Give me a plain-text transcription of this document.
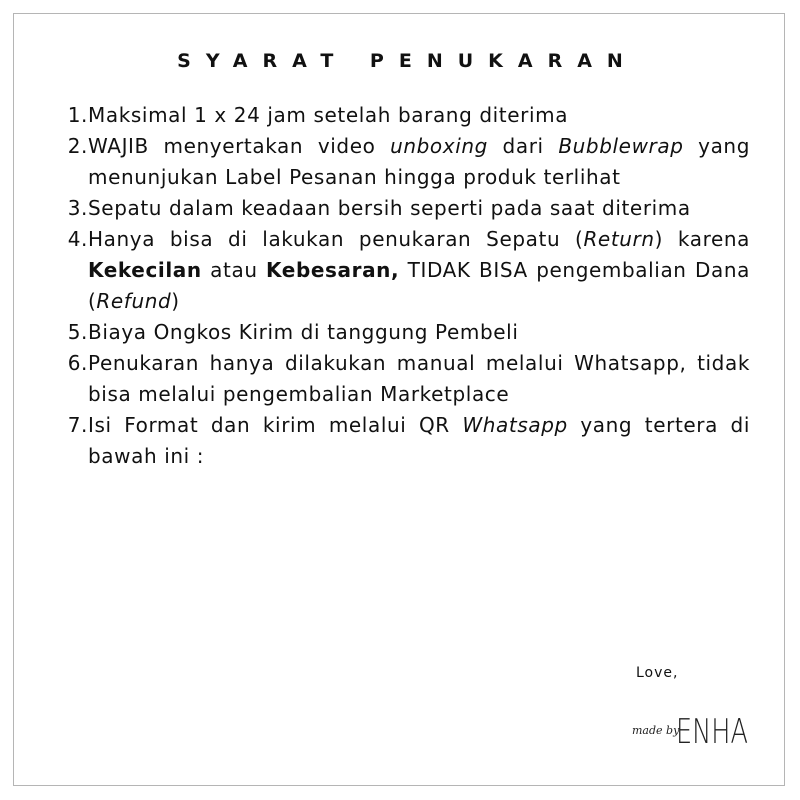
SYARAT PENUKARAN
1. Maksimal 1 x 24 jam setelah barang diterima
2. WAJIB menyertakan video unboxing dari Bubblewrap yang menunjukan Label Pesanan hingga produk terlihat
3. Sepatu dalam keadaan bersih seperti pada saat diterima
4. Hanya bisa di lakukan penukaran Sepatu (Return) karena Kekecilan atau Kebesaran, TIDAK BISA pengembalian Dana (Refund)
5. Biaya Ongkos Kirim di tanggung Pembeli
6. Penukaran hanya dilakukan manual melalui Whatsapp, tidak bisa melalui pengembalian Marketplace
7. Isi Format dan kirim melalui QR Whatsapp yang tertera di bawah ini :
Love,
made by
ENHA
